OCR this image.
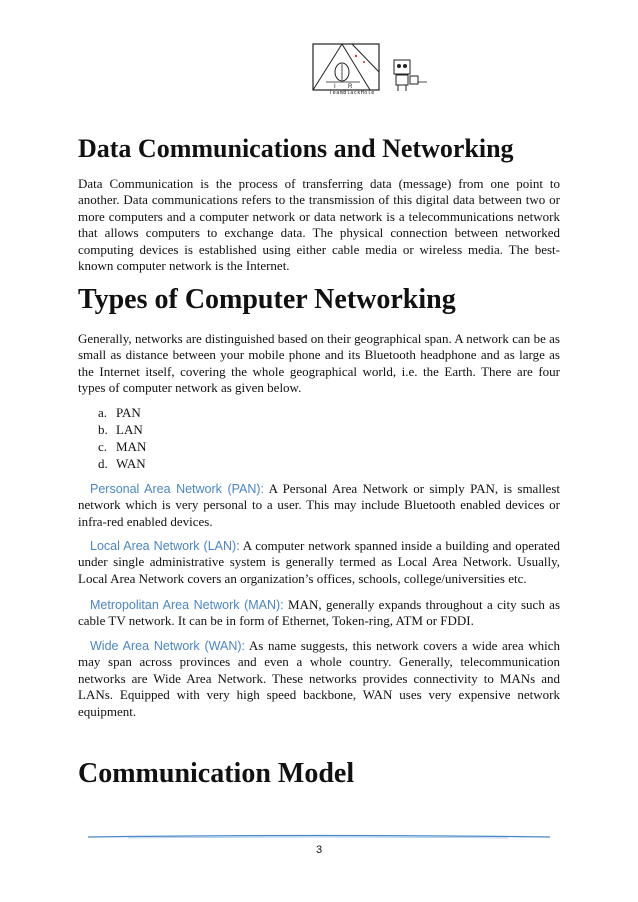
I R
TeamBlackHole
Data Communications and Networking

Data Communication is the process of transferring data (message) from one point to another. Data communications refers to the transmission of this digital data between two or more computers and a computer network or data network is a telecommunications network that allows computers to exchange data. The physical connection between networked computing devices is established using either cable media or wireless media. The best-known computer network is the Internet.

Types of Computer Networking

Generally, networks are distinguished based on their geographical span. A network can be as small as distance between your mobile phone and its Bluetooth headphone and as large as the Internet itself, covering the whole geographical world, i.e. the Earth. There are four types of computer network as given below.

a. PAN
b. LAN
c. MAN
d. WAN

Personal Area Network (PAN): A Personal Area Network or simply PAN, is smallest network which is very personal to a user. This may include Bluetooth enabled devices or infra-red enabled devices.

Local Area Network (LAN): A computer network spanned inside a building and operated under single administrative system is generally termed as Local Area Network. Usually, Local Area Network covers an organization’s offices, schools, college/universities etc.

Metropolitan Area Network (MAN): MAN, generally expands throughout a city such as cable TV network. It can be in form of Ethernet, Token-ring, ATM or FDDI.

Wide Area Network (WAN): As name suggests, this network covers a wide area which may span across provinces and even a whole country. Generally, telecommunication networks are Wide Area Network. These networks provides connectivity to MANs and LANs. Equipped with very high speed backbone, WAN uses very expensive network equipment.

Communication Model
3
